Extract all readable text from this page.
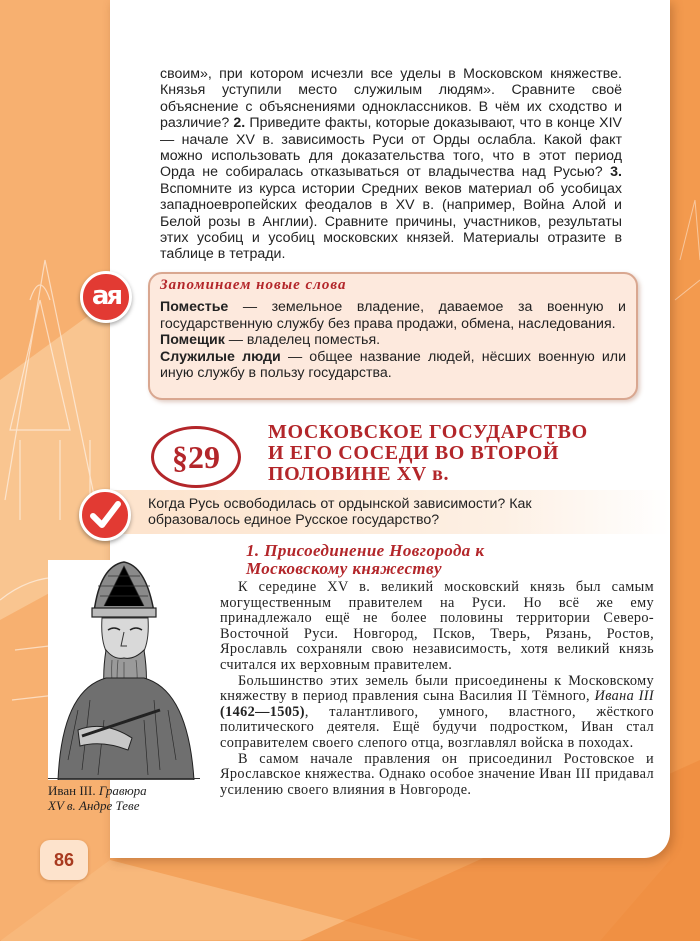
своим», при котором исчезли все уделы в Московском княжестве. Князья уступили место служилым людям». Сравните своё объяснение с объяснениями одноклассников. В чём их сходство и различие? 2. Приведите факты, которые доказывают, что в конце XIV — начале XV в. зависимость Руси от Орды ослабла. Какой факт можно использовать для доказательства того, что в этот период Орда не собиралась отказываться от владычества над Русью? 3. Вспомните из курса истории Средних веков материал об усобицах западноевропейских феодалов в XV в. (например, Война Алой и Белой розы в Англии). Сравните причины, участников, результаты этих усобиц и усобиц московских князей. Материалы отразите в таблице в тетради.

ая	Запоминаем новые слова

Поместье — земельное владение, даваемое за военную и государственную службу без права продажи, обмена, наследования.

Помещик — владелец поместья.

Служилые люди — общее название людей, нёсших военную или иную службу в пользу государства.

§29
МОСКОВСКОЕ ГОСУДАРСТВО И ЕГО СОСЕДИ ВО ВТОРОЙ ПОЛОВИНЕ XV в.
Когда Русь освободилась от ордынской зависимости? Как образовалось единое Русское государство?
1. Присоединение Новгорода к Московскому княжеству
Иван III. Гравюра
XV в. Андре Теве

К середине XV в. великий московский князь был самым могущественным правителем на Руси. Но всё же ему принадлежало ещё не более половины территории Северо-Восточной Руси. Новгород, Псков, Тверь, Рязань, Ростов, Ярославль сохраняли свою независимость, хотя великий князь считался их верховным правителем.

Большинство этих земель были присоединены к Московскому княжеству в период правления сына Василия II Тёмного, Ивана III (1462—1505), талантливого, умного, властного, жёсткого политического деятеля. Ещё будучи подростком, Иван стал соправителем своего слепого отца, возглавлял войска в походах.

В самом начале правления он присоединил Ростовское и Ярославское княжества. Однако особое значение Иван III придавал усилению своего влияния в Новгороде.

86
